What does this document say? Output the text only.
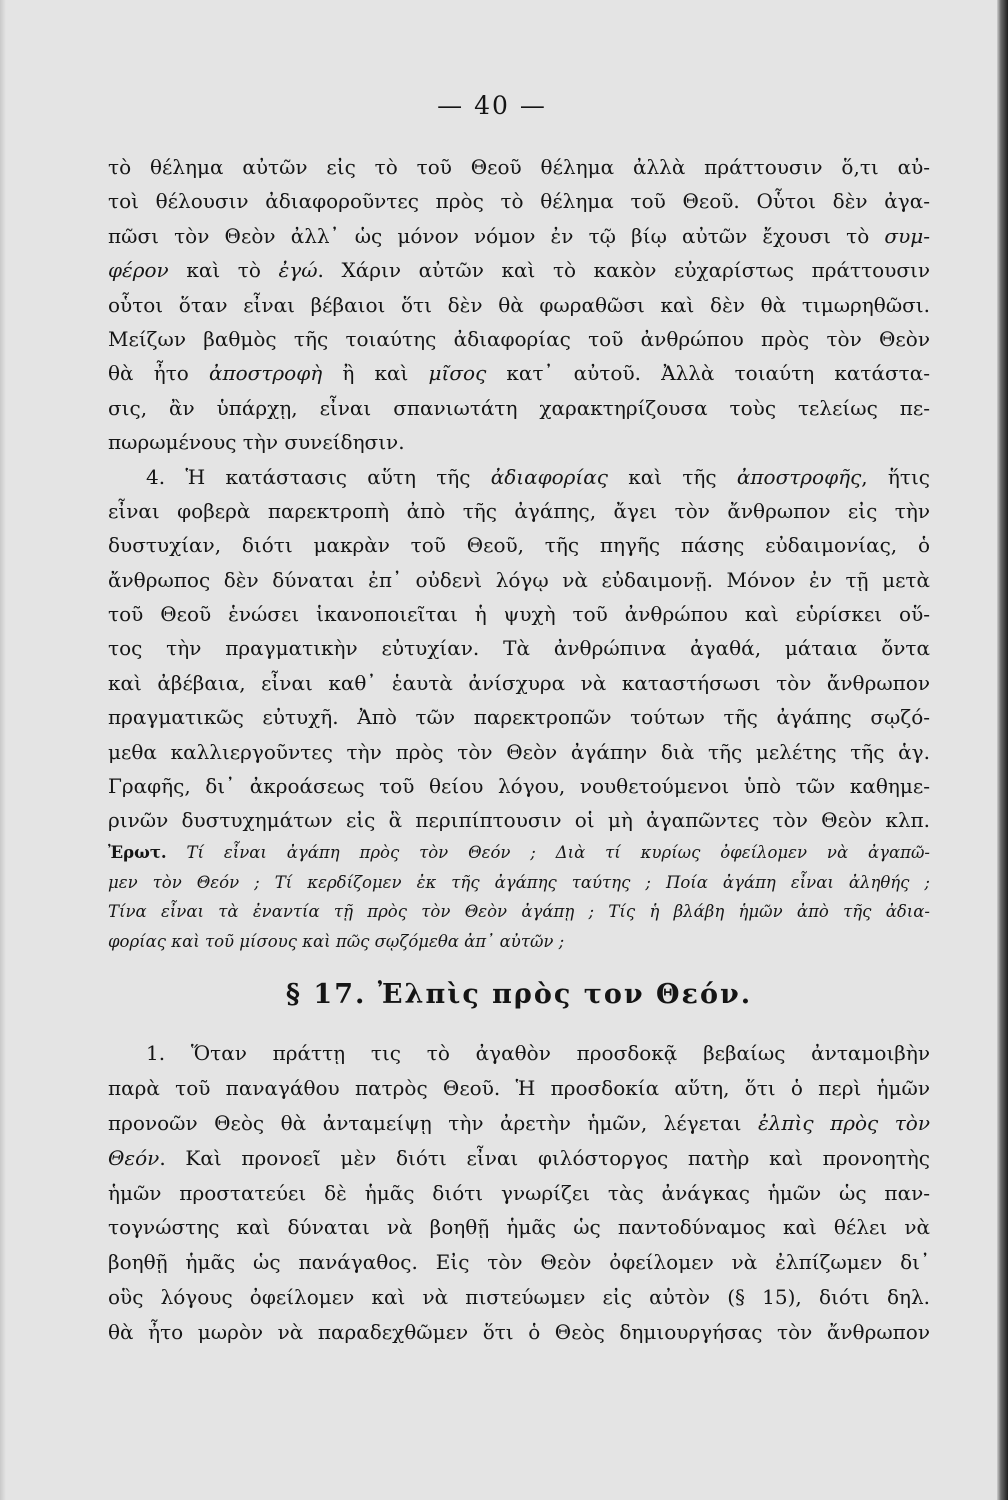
— 40 —
τὸ θέλημα αὐτῶν εἰς τὸ τοῦ Θεοῦ θέλημα ἀλλὰ πράττουσιν ὅ,τι αὐ-
τοὶ θέλουσιν ἀδιαφοροῦντες πρὸς τὸ θέλημα τοῦ Θεοῦ. Οὗτοι δὲν ἀγα-
πῶσι τὸν Θεὸν ἀλλ᾽ ὡς μόνον νόμον ἐν τῷ βίῳ αὐτῶν ἔχουσι τὸ συμ-
φέρον καὶ τὸ ἐγώ. Χάριν αὐτῶν καὶ τὸ κακὸν εὐχαρίστως πράττουσιν
οὗτοι ὅταν εἶναι βέβαιοι ὅτι δὲν θὰ φωραθῶσι καὶ δὲν θὰ τιμωρηθῶσι.
Μείζων βαθμὸς τῆς τοιαύτης ἀδιαφορίας τοῦ ἀνθρώπου πρὸς τὸν Θεὸν
θὰ ἦτο ἀποστροφὴ ἢ καὶ μῖσος κατ᾽ αὐτοῦ. Ἀλλὰ τοιαύτη κατάστα-
σις, ἂν ὑπάρχῃ, εἶναι σπανιωτάτη χαρακτηρίζουσα τοὺς τελείως πε-
πωρωμένους τὴν συνείδησιν.
4. Ἡ κατάστασις αὕτη τῆς ἀδιαφορίας καὶ τῆς ἀποστροφῆς, ἥτις
εἶναι φοβερὰ παρεκτροπὴ ἀπὸ τῆς ἀγάπης, ἄγει τὸν ἄνθρωπον εἰς τὴν
δυστυχίαν, διότι μακρὰν τοῦ Θεοῦ, τῆς πηγῆς πάσης εὐδαιμονίας, ὁ
ἄνθρωπος δὲν δύναται ἐπ᾽ οὐδενὶ λόγῳ νὰ εὐδαιμονῇ. Μόνον ἐν τῇ μετὰ
τοῦ Θεοῦ ἑνώσει ἱκανοποιεῖται ἡ ψυχὴ τοῦ ἀνθρώπου καὶ εὑρίσκει οὕ-
τος τὴν πραγματικὴν εὐτυχίαν. Τὰ ἀνθρώπινα ἀγαθά, μάταια ὄντα
καὶ ἀβέβαια, εἶναι καθ᾽ ἑαυτὰ ἀνίσχυρα νὰ καταστήσωσι τὸν ἄνθρωπον
πραγματικῶς εὐτυχῆ. Ἀπὸ τῶν παρεκτροπῶν τούτων τῆς ἀγάπης σῳζό-
μεθα καλλιεργοῦντες τὴν πρὸς τὸν Θεὸν ἀγάπην διὰ τῆς μελέτης τῆς ἁγ.
Γραφῆς, δι᾽ ἀκροάσεως τοῦ θείου λόγου, νουθετούμενοι ὑπὸ τῶν καθημε-
ρινῶν δυστυχημάτων εἰς ἃ περιπίπτουσιν οἱ μὴ ἀγαπῶντες τὸν Θεὸν κλπ.
Ἐρωτ. Τί εἶναι ἀγάπη πρὸς τὸν Θεόν ; Διὰ τί κυρίως ὀφείλομεν νὰ ἀγαπῶ-
μεν τὸν Θεόν ; Τί κερδίζομεν ἐκ τῆς ἀγάπης ταύτης ; Ποία ἀγάπη εἶναι ἀληθής ;
Τίνα εἶναι τὰ ἐναντία τῇ πρὸς τὸν Θεὸν ἀγάπῃ ; Τίς ἡ βλάβη ἡμῶν ἀπὸ τῆς ἀδια-
φορίας καὶ τοῦ μίσους καὶ πῶς σῳζόμεθα ἀπ᾽ αὐτῶν ;
§ 17. Ἐλπὶς πρὸς τον Θεόν.
1. Ὅταν πράττῃ τις τὸ ἀγαθὸν προσδοκᾷ βεβαίως ἀνταμοιβὴν
παρὰ τοῦ παναγάθου πατρὸς Θεοῦ. Ἡ προσδοκία αὕτη, ὅτι ὁ περὶ ἡμῶν
προνοῶν Θεὸς θὰ ἀνταμείψῃ τὴν ἀρετὴν ἡμῶν, λέγεται ἐλπὶς πρὸς τὸν
Θεόν. Καὶ προνοεῖ μὲν διότι εἶναι φιλόστοργος πατὴρ καὶ προνοητὴς
ἡμῶν προστατεύει δὲ ἡμᾶς διότι γνωρίζει τὰς ἀνάγκας ἡμῶν ὡς παν-
τογνώστης καὶ δύναται νὰ βοηθῇ ἡμᾶς ὡς παντοδύναμος καὶ θέλει νὰ
βοηθῇ ἡμᾶς ὡς πανάγαθος. Εἰς τὸν Θεὸν ὀφείλομεν νὰ ἐλπίζωμεν δι᾽
οὓς λόγους ὀφείλομεν καὶ νὰ πιστεύωμεν εἰς αὐτὸν (§ 15), διότι δηλ.
θὰ ἦτο μωρὸν νὰ παραδεχθῶμεν ὅτι ὁ Θεὸς δημιουργήσας τὸν ἄνθρωπον
